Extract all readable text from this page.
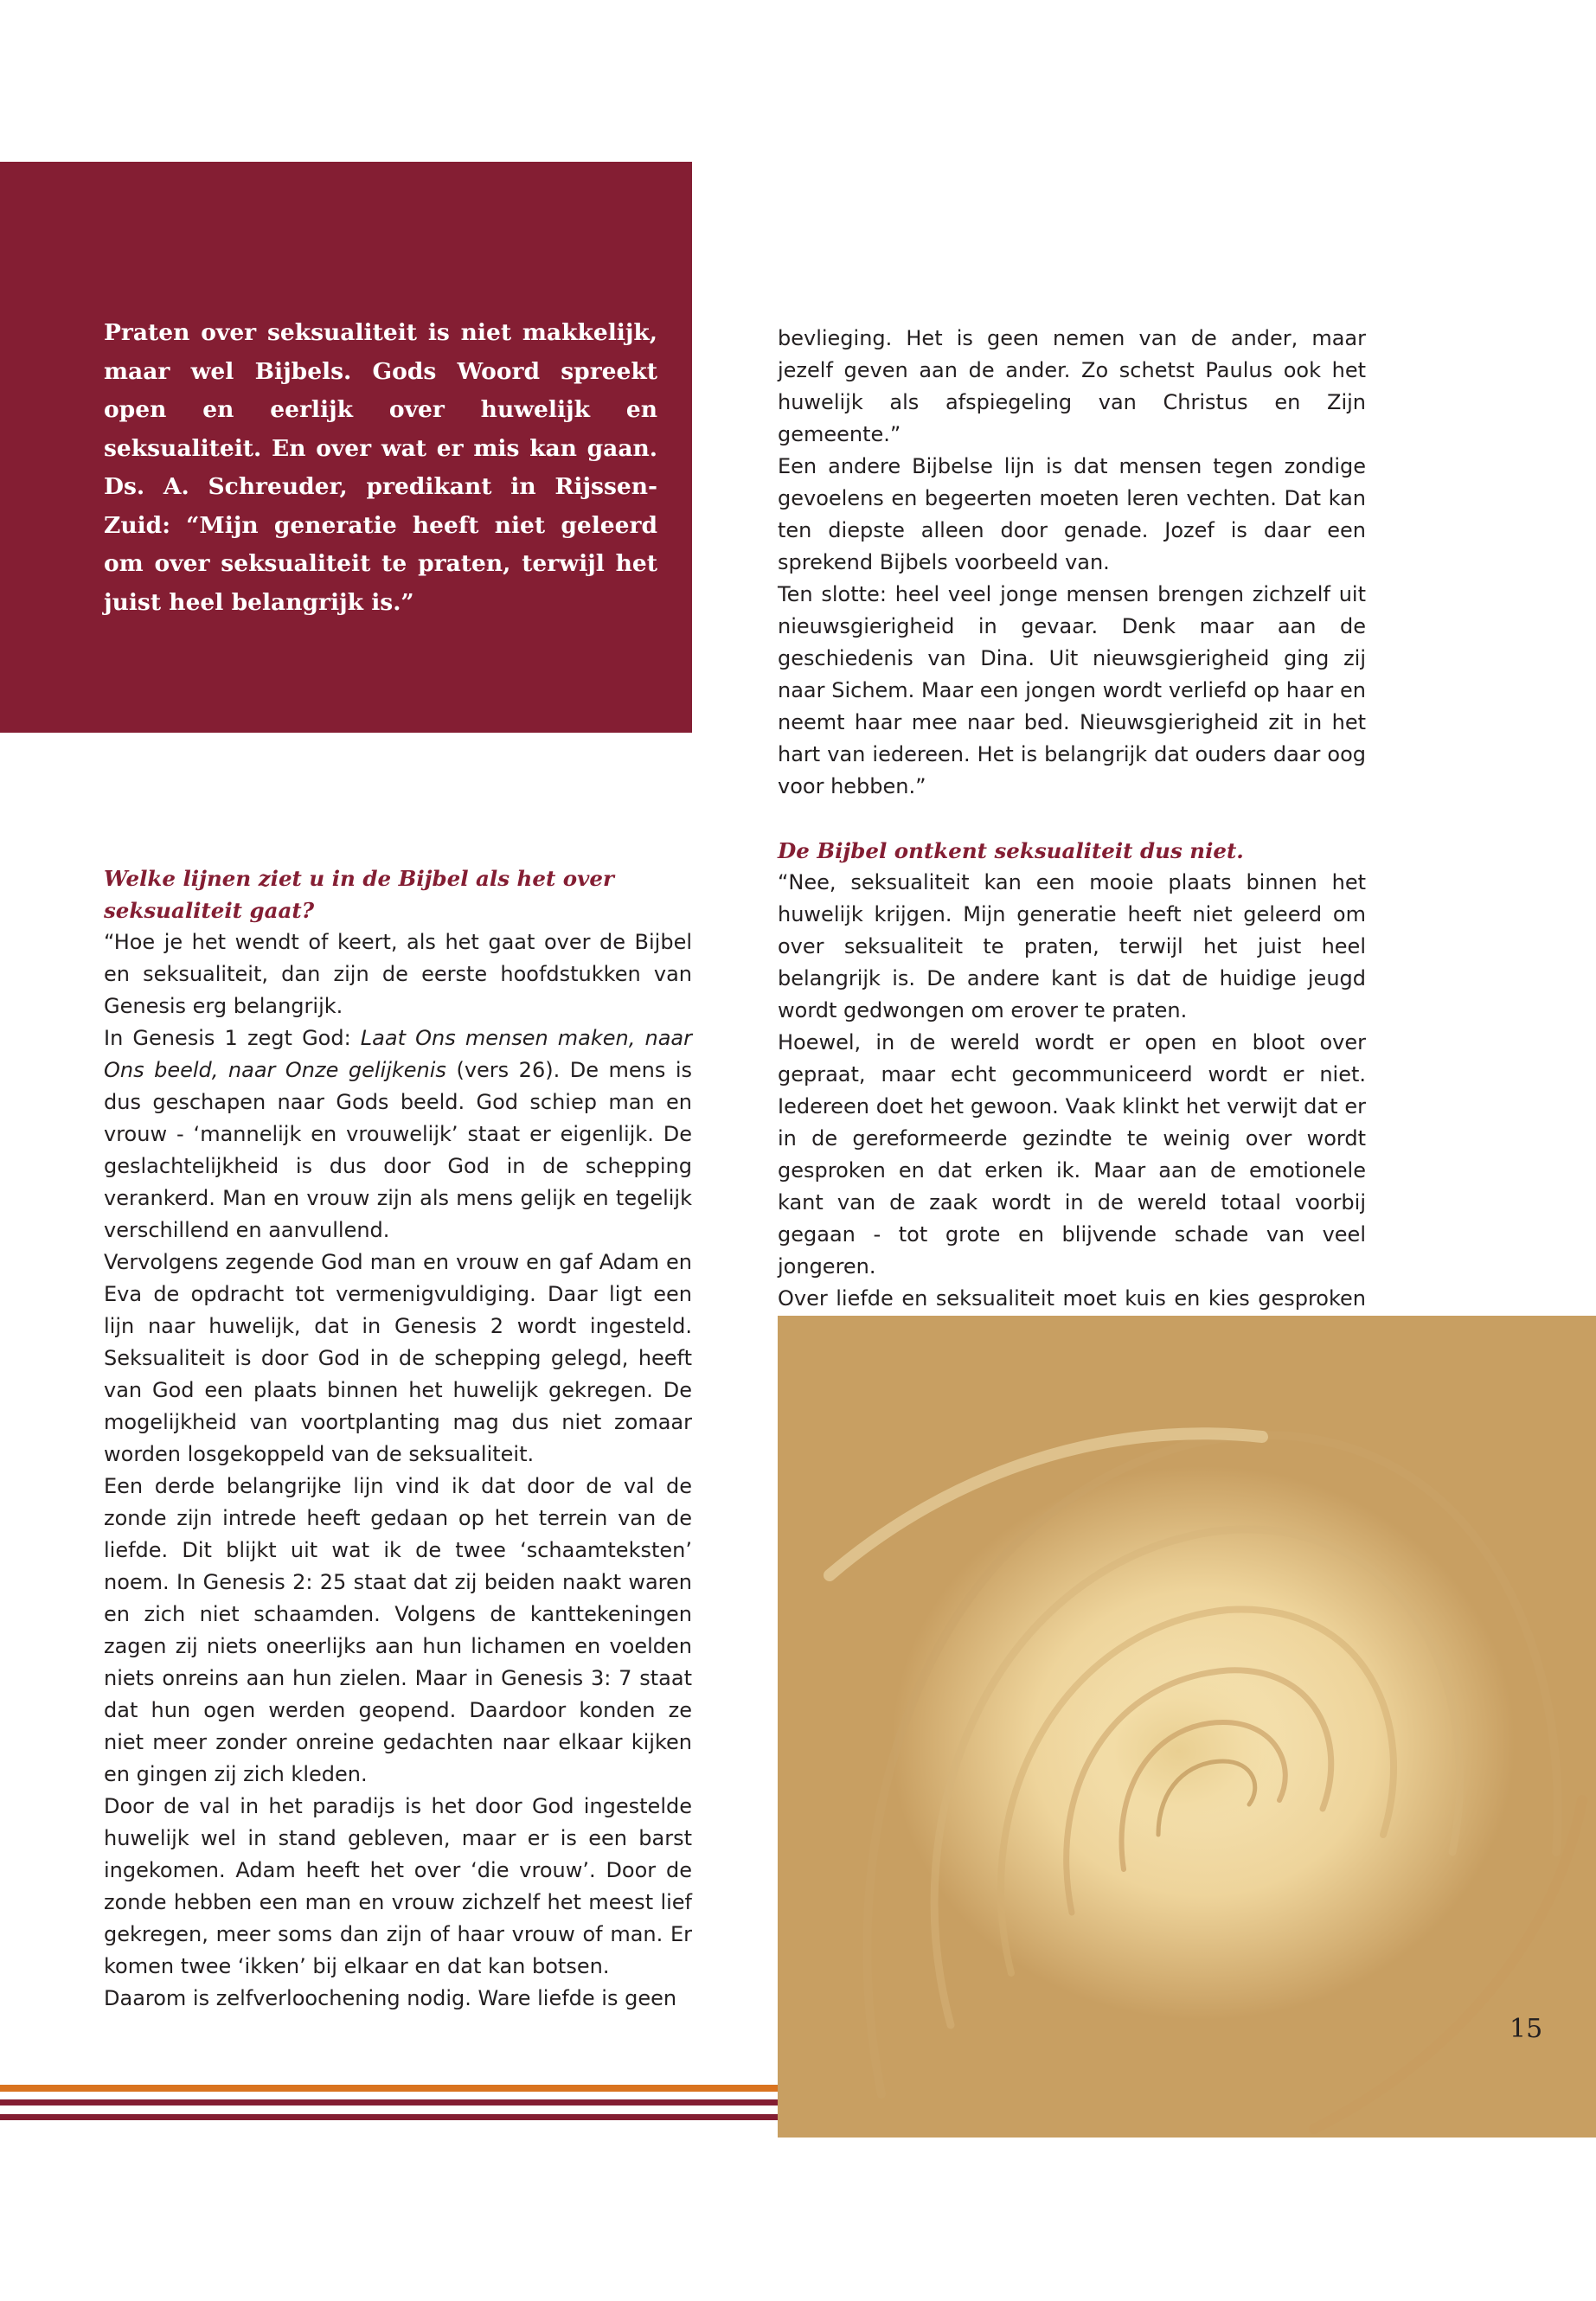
Praten over seksualiteit is niet makkelijk, maar wel Bijbels. Gods Woord spreekt open en eerlijk over huwelijk en seksualiteit. En over wat er mis kan gaan. Ds. A. Schreuder, predikant in Rijssen-Zuid: “Mijn generatie heeft niet geleerd om over seksualiteit te praten, terwijl het juist heel belangrijk is.”

Welke lijnen ziet u in de Bijbel als het over seksualiteit gaat?

“Hoe je het wendt of keert, als het gaat over de Bijbel en seksualiteit, dan zijn de eerste hoofdstukken van Genesis erg belangrijk.

In Genesis 1 zegt God: Laat Ons mensen maken, naar Ons beeld, naar Onze gelijkenis (vers 26). De mens is dus geschapen naar Gods beeld. God schiep man en vrouw - ‘mannelijk en vrouwelijk’ staat er eigenlijk. De geslachtelijkheid is dus door God in de schepping verankerd. Man en vrouw zijn als mens gelijk en tegelijk verschillend en aanvullend.

Vervolgens zegende God man en vrouw en gaf Adam en Eva de opdracht tot vermenigvuldiging. Daar ligt een lijn naar huwelijk, dat in Genesis 2 wordt ingesteld. Seksualiteit is door God in de schepping gelegd, heeft van God een plaats binnen het huwelijk gekregen. De mogelijkheid van voortplanting mag dus niet zomaar worden losgekoppeld van de seksualiteit.

Een derde belangrijke lijn vind ik dat door de val de zonde zijn intrede heeft gedaan op het terrein van de liefde. Dit blijkt uit wat ik de twee ‘schaamteksten’ noem. In Genesis 2: 25 staat dat zij beiden naakt waren en zich niet schaamden. Volgens de kanttekeningen zagen zij niets oneerlijks aan hun lichamen en voelden niets onreins aan hun zielen. Maar in Genesis 3: 7 staat dat hun ogen werden geopend. Daardoor konden ze niet meer zonder onreine gedachten naar elkaar kijken en gingen zij zich kleden.

Door de val in het paradijs is het door God ingestelde huwelijk wel in stand gebleven, maar er is een barst ingekomen. Adam heeft het over ‘die vrouw’. Door de zonde hebben een man en vrouw zichzelf het meest lief gekregen, meer soms dan zijn of haar vrouw of man. Er komen twee ‘ikken’ bij elkaar en dat kan botsen.

Daarom is zelfverloochening nodig. Ware liefde is geen

bevlieging. Het is geen nemen van de ander, maar jezelf geven aan de ander. Zo schetst Paulus ook het huwelijk als afspiegeling van Christus en Zijn gemeente.”

Een andere Bijbelse lijn is dat mensen tegen zondige gevoelens en begeerten moeten leren vechten. Dat kan ten diepste alleen door genade. Jozef is daar een sprekend Bijbels voorbeeld van.

Ten slotte: heel veel jonge mensen brengen zichzelf uit nieuwsgierigheid in gevaar. Denk maar aan de geschiedenis van Dina. Uit nieuwsgierigheid ging zij naar Sichem. Maar een jongen wordt verliefd op haar en neemt haar mee naar bed. Nieuwsgierigheid zit in het hart van iedereen. Het is belangrijk dat ouders daar oog voor hebben.”

De Bijbel ontkent seksualiteit dus niet.

“Nee, seksualiteit kan een mooie plaats binnen het huwelijk krijgen. Mijn generatie heeft niet geleerd om over seksualiteit te praten, terwijl het juist heel belangrijk is. De andere kant is dat de huidige jeugd wordt gedwongen om erover te praten.

Hoewel, in de wereld wordt er open en bloot over gepraat, maar echt gecommuniceerd wordt er niet. Iedereen doet het gewoon. Vaak klinkt het verwijt dat er in de gereformeerde gezindte te weinig over wordt gesproken en dat erken ik. Maar aan de emotionele kant van de zaak wordt in de wereld totaal voorbij gegaan - tot grote en blijvende schade van veel jongeren.

Over liefde en seksualiteit moet kuis en kies gesproken

15
